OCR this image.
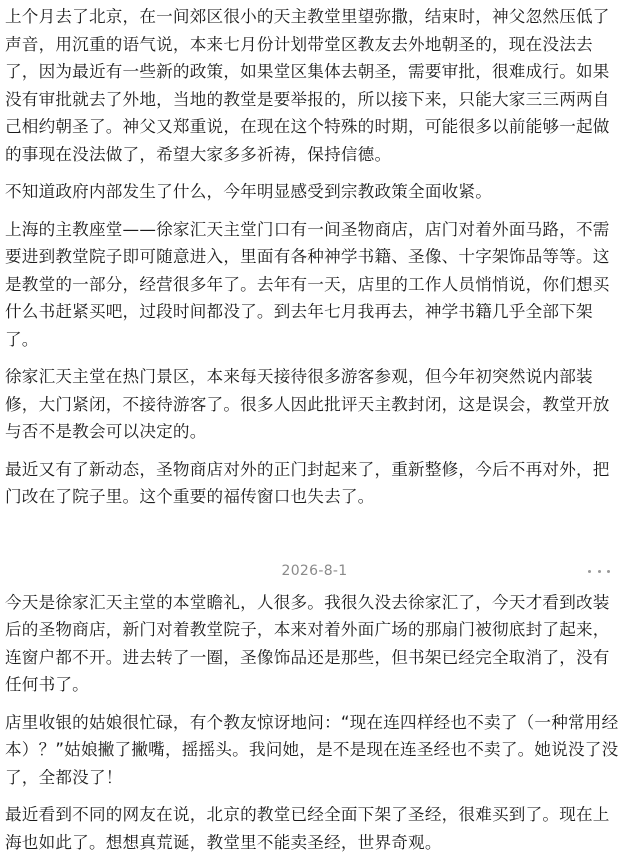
上个月去了北京，在一间郊区很小的天主教堂里望弥撒，结束时，神父忽然压低了声音，用沉重的语气说，本来七月份计划带堂区教友去外地朝圣的，现在没法去了，因为最近有一些新的政策，如果堂区集体去朝圣，需要审批，很难成行。如果没有审批就去了外地，当地的教堂是要举报的，所以接下来，只能大家三三两两自己相约朝圣了。神父又郑重说，在现在这个特殊的时期，可能很多以前能够一起做的事现在没法做了，希望大家多多祈祷，保持信德。

不知道政府内部发生了什么，今年明显感受到宗教政策全面收紧。

上海的主教座堂——徐家汇天主堂门口有一间圣物商店，店门对着外面马路，不需要进到教堂院子即可随意进入，里面有各种神学书籍、圣像、十字架饰品等等。这是教堂的一部分，经营很多年了。去年有一天，店里的工作人员悄悄说，你们想买什么书赶紧买吧，过段时间都没了。到去年七月我再去，神学书籍几乎全部下架了。

徐家汇天主堂在热门景区，本来每天接待很多游客参观，但今年初突然说内部装修，大门紧闭，不接待游客了。很多人因此批评天主教封闭，这是误会，教堂开放与否不是教会可以决定的。

最近又有了新动态，圣物商店对外的正门封起来了，重新整修，今后不再对外，把门改在了院子里。这个重要的福传窗口也失去了。

2026-8-1

今天是徐家汇天主堂的本堂瞻礼，人很多。我很久没去徐家汇了，今天才看到改装后的圣物商店，新门对着教堂院子，本来对着外面广场的那扇门被彻底封了起来，连窗户都不开。进去转了一圈，圣像饰品还是那些，但书架已经完全取消了，没有任何书了。

店里收银的姑娘很忙碌，有个教友惊讶地问：“现在连四样经也不卖了（一种常用经本）？”姑娘撇了撇嘴，摇摇头。我问她，是不是现在连圣经也不卖了。她说没了没了，全都没了！

最近看到不同的网友在说，北京的教堂已经全面下架了圣经，很难买到了。现在上海也如此了。想想真荒诞，教堂里不能卖圣经，世界奇观。
